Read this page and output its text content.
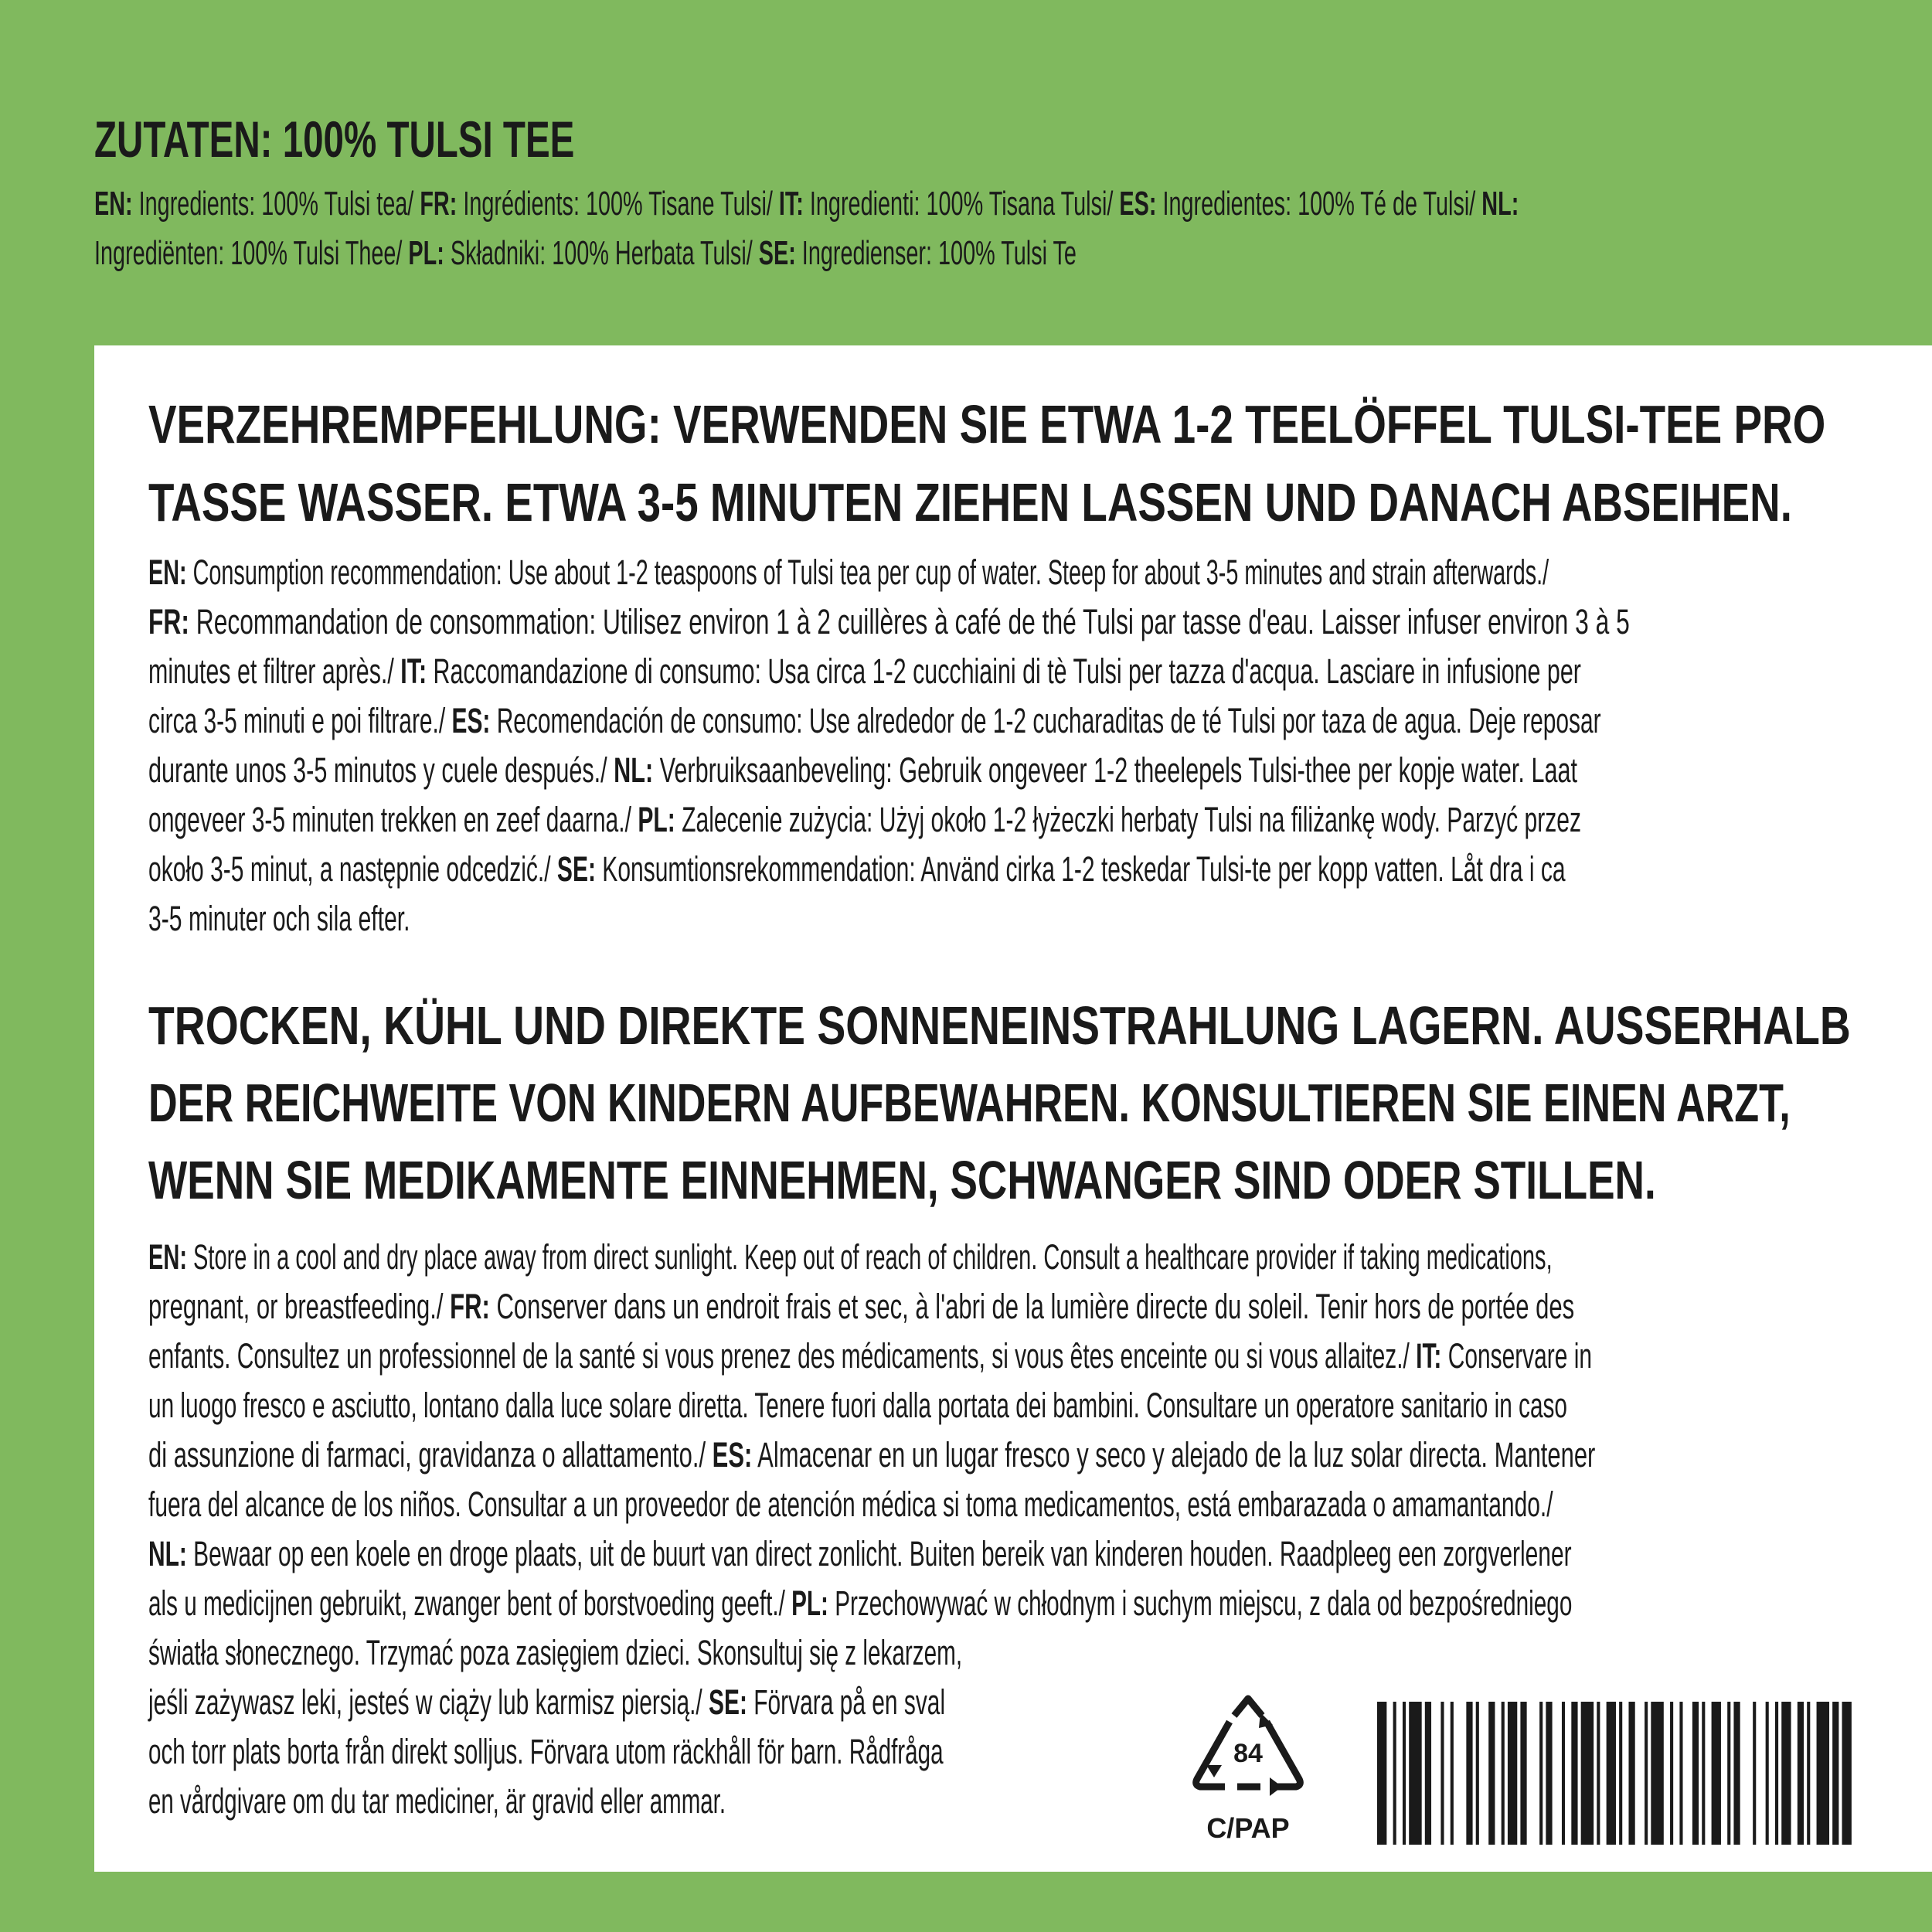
ZUTATEN: 100% TULSI TEE
EN: Ingredients: 100% Tulsi tea/ FR: Ingrédients: 100% Tisane Tulsi/ IT: Ingredienti: 100% Tisana Tulsi/ ES: Ingredientes: 100% Té de Tulsi/ NL:
Ingrediënten: 100% Tulsi Thee/ PL: Składniki: 100% Herbata Tulsi/ SE: Ingredienser: 100% Tulsi Te
VERZEHREMPFEHLUNG: VERWENDEN SIE ETWA 1-2 TEELÖFFEL TULSI-TEE PRO
TASSE WASSER. ETWA 3-5 MINUTEN ZIEHEN LASSEN UND DANACH ABSEIHEN.
EN: Consumption recommendation: Use about 1-2 teaspoons of Tulsi tea per cup of water. Steep for about 3-5 minutes and strain afterwards./
FR: Recommandation de consommation: Utilisez environ 1 à 2 cuillères à café de thé Tulsi par tasse d'eau. Laisser infuser environ 3 à 5
minutes et filtrer après./ IT: Raccomandazione di consumo: Usa circa 1-2 cucchiaini di tè Tulsi per tazza d'acqua. Lasciare in infusione per
circa 3-5 minuti e poi filtrare./ ES: Recomendación de consumo: Use alrededor de 1-2 cucharaditas de té Tulsi por taza de agua. Deje reposar
durante unos 3-5 minutos y cuele después./ NL: Verbruiksaanbeveling: Gebruik ongeveer 1-2 theelepels Tulsi-thee per kopje water. Laat
ongeveer 3-5 minuten trekken en zeef daarna./ PL: Zalecenie zużycia: Użyj około 1-2 łyżeczki herbaty Tulsi na filiżankę wody. Parzyć przez
około 3-5 minut, a następnie odcedzić./ SE: Konsumtionsrekommendation: Använd cirka 1-2 teskedar Tulsi-te per kopp vatten. Låt dra i ca
3-5 minuter och sila efter.
TROCKEN, KÜHL UND DIREKTE SONNENEINSTRAHLUNG LAGERN. AUSSERHALB
DER REICHWEITE VON KINDERN AUFBEWAHREN. KONSULTIEREN SIE EINEN ARZT,
WENN SIE MEDIKAMENTE EINNEHMEN, SCHWANGER SIND ODER STILLEN.
EN: Store in a cool and dry place away from direct sunlight. Keep out of reach of children. Consult a healthcare provider if taking medications,
pregnant, or breastfeeding./ FR: Conserver dans un endroit frais et sec, à l'abri de la lumière directe du soleil. Tenir hors de portée des
enfants. Consultez un professionnel de la santé si vous prenez des médicaments, si vous êtes enceinte ou si vous allaitez./ IT: Conservare in
un luogo fresco e asciutto, lontano dalla luce solare diretta. Tenere fuori dalla portata dei bambini. Consultare un operatore sanitario in caso
di assunzione di farmaci, gravidanza o allattamento./ ES: Almacenar en un lugar fresco y seco y alejado de la luz solar directa. Mantener
fuera del alcance de los niños. Consultar a un proveedor de atención médica si toma medicamentos, está embarazada o amamantando./
NL: Bewaar op een koele en droge plaats, uit de buurt van direct zonlicht. Buiten bereik van kinderen houden. Raadpleeg een zorgverlener
als u medicijnen gebruikt, zwanger bent of borstvoeding geeft./ PL: Przechowywać w chłodnym i suchym miejscu, z dala od bezpośredniego
światła słonecznego. Trzymać poza zasięgiem dzieci. Skonsultuj się z lekarzem,
jeśli zażywasz leki, jesteś w ciąży lub karmisz piersią./ SE: Förvara på en sval
och torr plats borta från direkt solljus. Förvara utom räckhåll för barn. Rådfråga
en vårdgivare om du tar mediciner, är gravid eller ammar.
84
C/PAP
